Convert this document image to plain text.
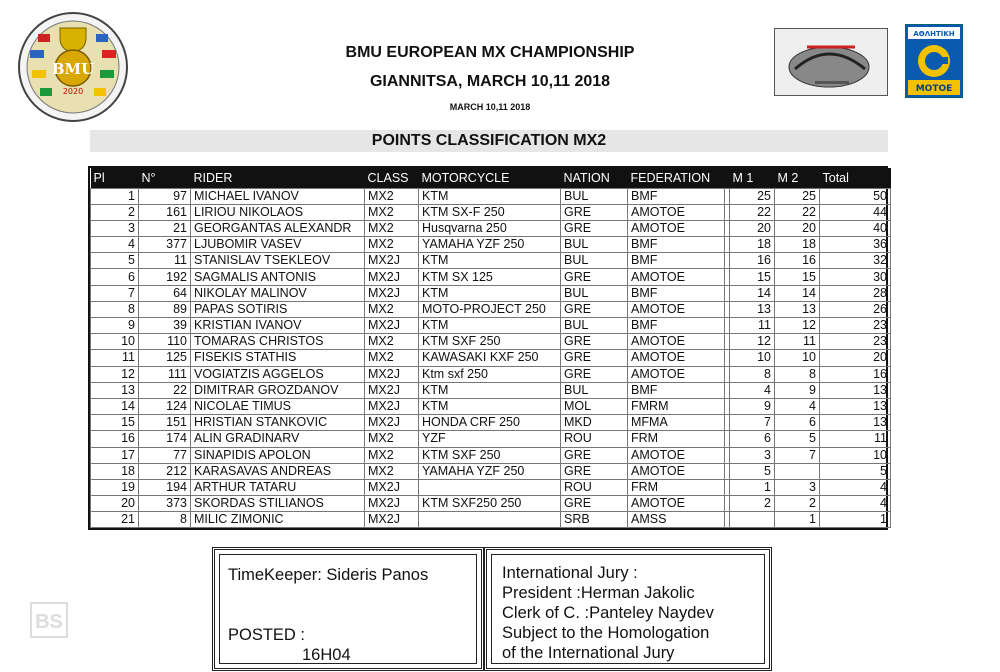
BMU
2020
BMU EUROPEAN MX CHAMPIONSHIP
GIANNITSA, MARCH 10,11 2018
MARCH 10,11 2018
ΑΘΛΗΤΙΚΗ
ΜΟΤΟΕ
POINTS CLASSIFICATION MX2
Pl	N°	RIDER	CLASS	MOTORCYCLE	NATION	FEDERATION		M 1	M 2	Total
1	97	MICHAEL IVANOV	MX2	KTM	BUL	BMF		25	25	50
2	161	LIRIOU NIKOLAOS	MX2	KTM SX-F 250	GRE	AMOTOE		22	22	44
3	21	GEORGANTAS ALEXANDR	MX2	Husqvarna 250	GRE	AMOTOE		20	20	40
4	377	LJUBOMIR VASEV	MX2	YAMAHA YZF 250	BUL	BMF		18	18	36
5	11	STANISLAV TSEKLEOV	MX2J	KTM	BUL	BMF		16	16	32
6	192	SAGMALIS ANTONIS	MX2J	KTM SX 125	GRE	AMOTOE		15	15	30
7	64	NIKOLAY MALINOV	MX2J	KTM	BUL	BMF		14	14	28
8	89	PAPAS SOTIRIS	MX2	MOTO-PROJECT 250	GRE	AMOTOE		13	13	26
9	39	KRISTIAN IVANOV	MX2J	KTM	BUL	BMF		11	12	23
10	110	TOMARAS CHRISTOS	MX2	KTM SXF 250	GRE	AMOTOE		12	11	23
11	125	FISEKIS STATHIS	MX2	KAWASAKI KXF 250	GRE	AMOTOE		10	10	20
12	111	VOGIATZIS AGGELOS	MX2J	Ktm sxf 250	GRE	AMOTOE		8	8	16
13	22	DIMITRAR GROZDANOV	MX2J	KTM	BUL	BMF		4	9	13
14	124	NICOLAE TIMUS	MX2J	KTM	MOL	FMRM		9	4	13
15	151	HRISTIAN STANKOVIC	MX2J	HONDA CRF 250	MKD	MFMA		7	6	13
16	174	ALIN GRADINARV	MX2	YZF	ROU	FRM		6	5	11
17	77	SINAPIDIS APOLON	MX2	KTM SXF 250	GRE	AMOTOE		3	7	10
18	212	KARASAVAS ANDREAS	MX2	YAMAHA YZF 250	GRE	AMOTOE		5		5
19	194	ARTHUR TATARU	MX2J		ROU	FRM		1	3	4
20	373	SKORDAS STILIANOS	MX2J	KTM SXF250 250	GRE	AMOTOE		2	2	4
21	8	MILIC ZIMONIC	MX2J		SRB	AMSS			1	1
TimeKeeper: Sideris Panos
POSTED :
16H04
International Jury :
President :Herman Jakolic
Clerk of C. :Panteley Naydev
Subject to the Homologation
of the International Jury
BS
